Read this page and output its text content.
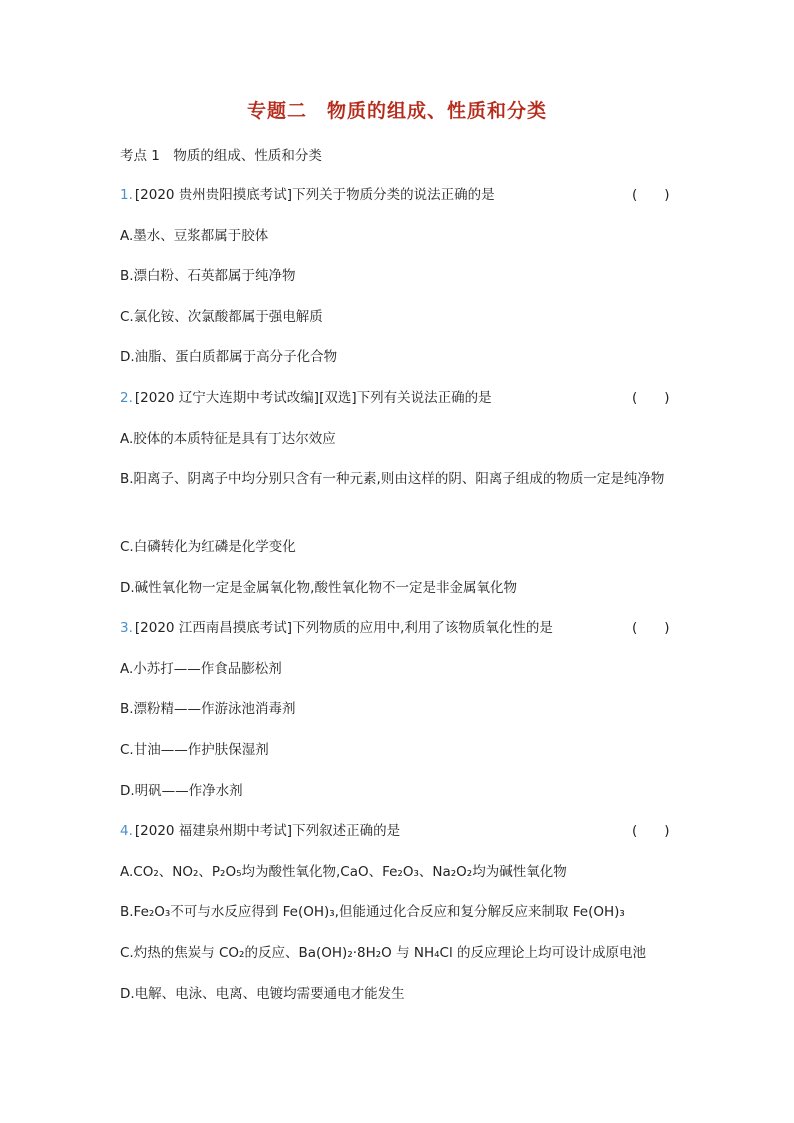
专题二　物质的组成、性质和分类
考点 1　物质的组成、性质和分类
1. [2020 贵州贵阳摸底考试]下列关于物质分类的说法正确的是	(　　)
A.墨水、豆浆都属于胶体
B.漂白粉、石英都属于纯净物
C.氯化铵、次氯酸都属于强电解质
D.油脂、蛋白质都属于高分子化合物
2. [2020 辽宁大连期中考试改编][双选]下列有关说法正确的是	(　　)
A.胶体的本质特征是具有丁达尔效应
B.阳离子、阴离子中均分别只含有一种元素,则由这样的阴、阳离子组成的物质一定是纯净物
C.白磷转化为红磷是化学变化
D.碱性氧化物一定是金属氧化物,酸性氧化物不一定是非金属氧化物
3. [2020 江西南昌摸底考试]下列物质的应用中,利用了该物质氧化性的是	(　　)
A.小苏打——作食品膨松剂
B.漂粉精——作游泳池消毒剂
C.甘油——作护肤保湿剂
D.明矾——作净水剂
4. [2020 福建泉州期中考试]下列叙述正确的是	(　　)
A.CO₂、NO₂、P₂O₅均为酸性氧化物,CaO、Fe₂O₃、Na₂O₂均为碱性氧化物
B.Fe₂O₃不可与水反应得到 Fe(OH)₃,但能通过化合反应和复分解反应来制取 Fe(OH)₃
C.灼热的焦炭与 CO₂的反应、Ba(OH)₂·8H₂O 与 NH₄Cl 的反应理论上均可设计成原电池
D.电解、电泳、电离、电镀均需要通电才能发生
